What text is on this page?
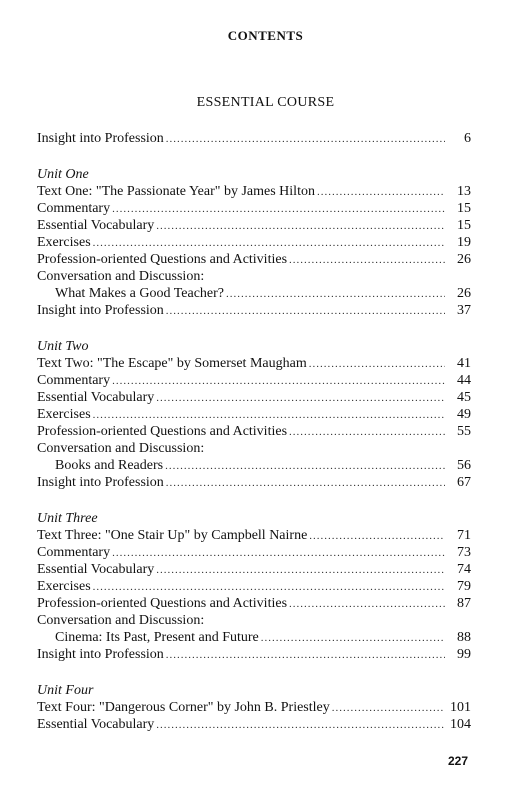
CONTENTS
ESSENTIAL COURSE
Insight into Profession .....	6
Unit One
Text One: "The Passionate Year" by James Hilton .....	13
Commentary .....	15
Essential Vocabulary .....	15
Exercises .....	19
Profession-oriented Questions and Activities .....	26
Conversation and Discussion:
What Makes a Good Teacher? .....	26
Insight into Profession .....	37
Unit Two
Text Two: "The Escape" by Somerset Maugham .....	41
Commentary .....	44
Essential Vocabulary .....	45
Exercises .....	49
Profession-oriented Questions and Activities .....	55
Conversation and Discussion:
Books and Readers .....	56
Insight into Profession .....	67
Unit Three
Text Three: "One Stair Up" by Campbell Nairne .....	71
Commentary .....	73
Essential Vocabulary .....	74
Exercises .....	79
Profession-oriented Questions and Activities .....	87
Conversation and Discussion:
Cinema: Its Past, Present and Future .....	88
Insight into Profession .....	99
Unit Four
Text Four: "Dangerous Corner" by John B. Priestley .....	101
Essential Vocabulary .....	104
227
